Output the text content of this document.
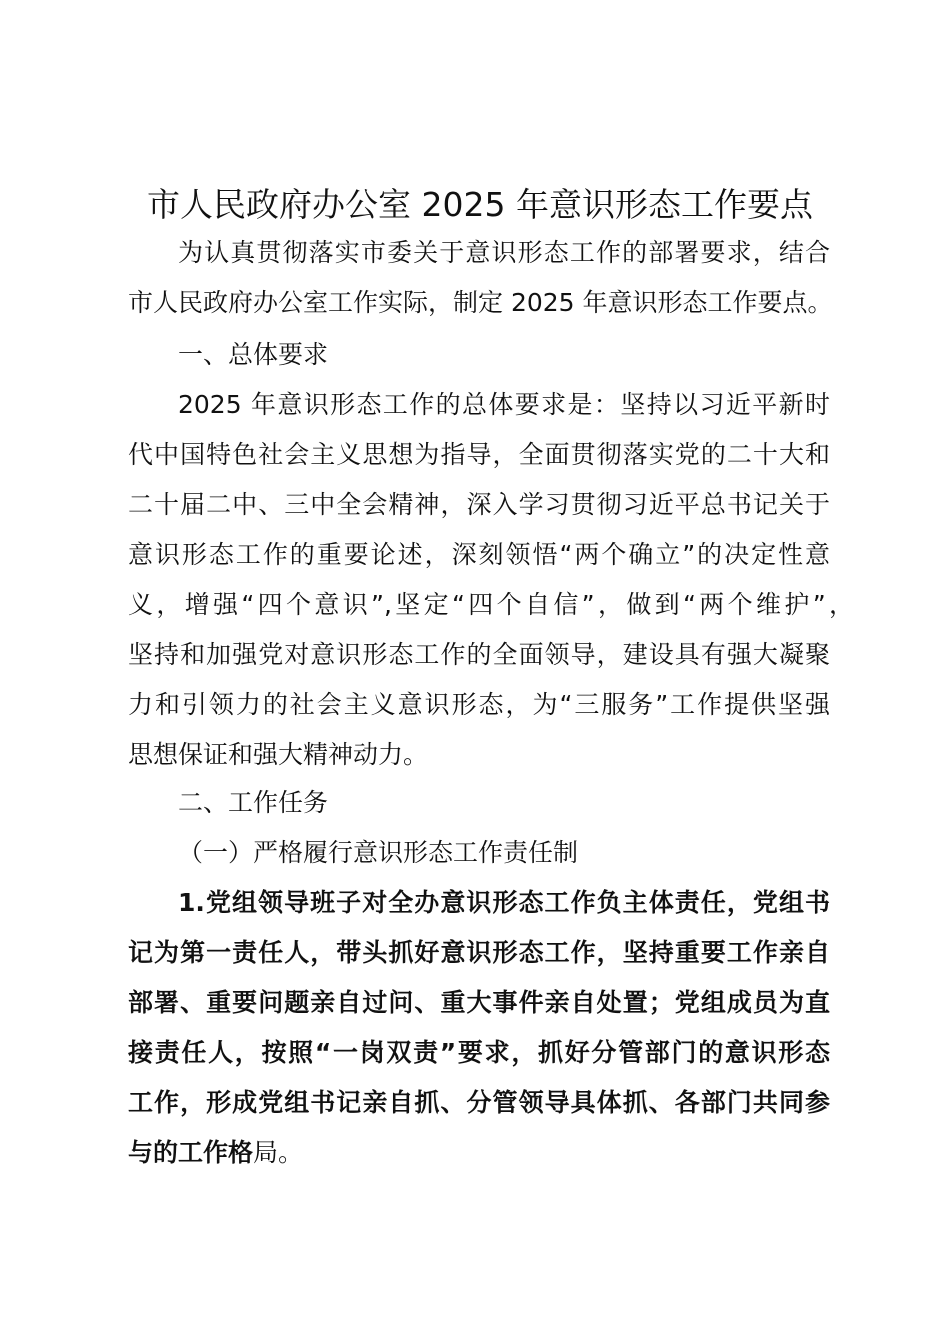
市人民政府办公室 2025 年意识形态工作要点
为认真贯彻落实市委关于意识形态工作的部署要求，结合
市人民政府办公室工作实际，制定 2025 年意识形态工作要点。
一、总体要求
2025 年意识形态工作的总体要求是：坚持以习近平新时
代中国特色社会主义思想为指导，全面贯彻落实党的二十大和
二十届二中、三中全会精神，深入学习贯彻习近平总书记关于
意识形态工作的重要论述，深刻领悟“两个确立”的决定性意
义，增强“四个意识”,坚定“四个自信”，做到“两个维护”，
坚持和加强党对意识形态工作的全面领导，建设具有强大凝聚
力和引领力的社会主义意识形态，为“三服务”工作提供坚强
思想保证和强大精神动力。
二、工作任务
（一）严格履行意识形态工作责任制
1.党组领导班子对全办意识形态工作负主体责任，党组书
记为第一责任人，带头抓好意识形态工作，坚持重要工作亲自
部署、重要问题亲自过问、重大事件亲自处置；党组成员为直
接责任人，按照“一岗双责”要求，抓好分管部门的意识形态
工作，形成党组书记亲自抓、分管领导具体抓、各部门共同参
与的工作格局。
